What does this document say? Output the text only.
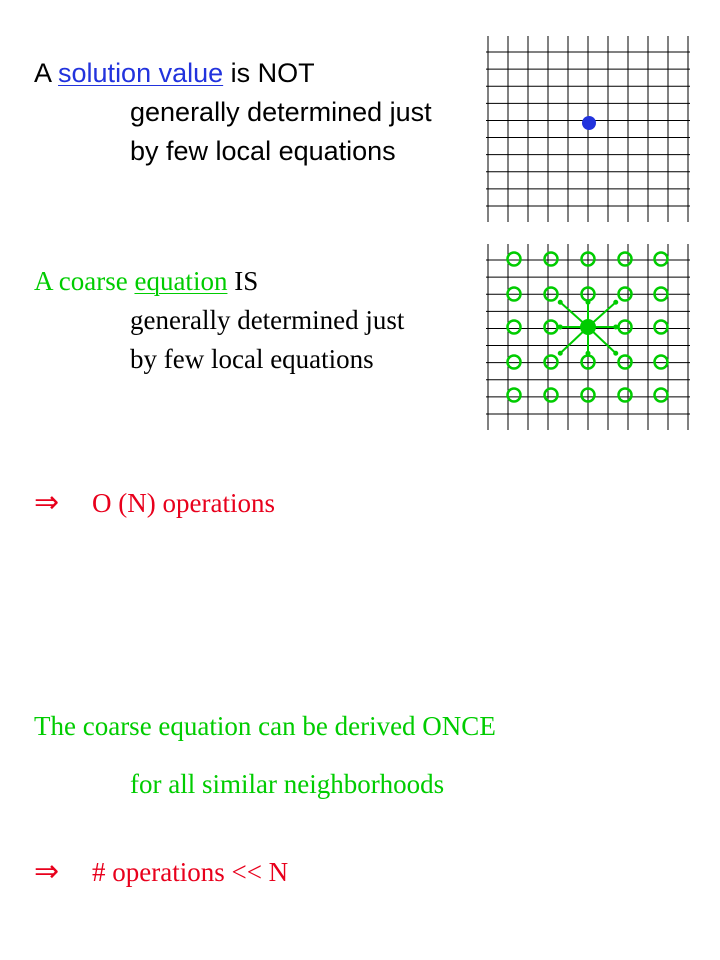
A solution value is NOT
generally determined just
by few local equations
A coarse equation IS
generally determined just
by few local equations
⇒ O (N) operations
The coarse equation can be derived ONCE
for all similar neighborhoods
⇒ # operations << N
